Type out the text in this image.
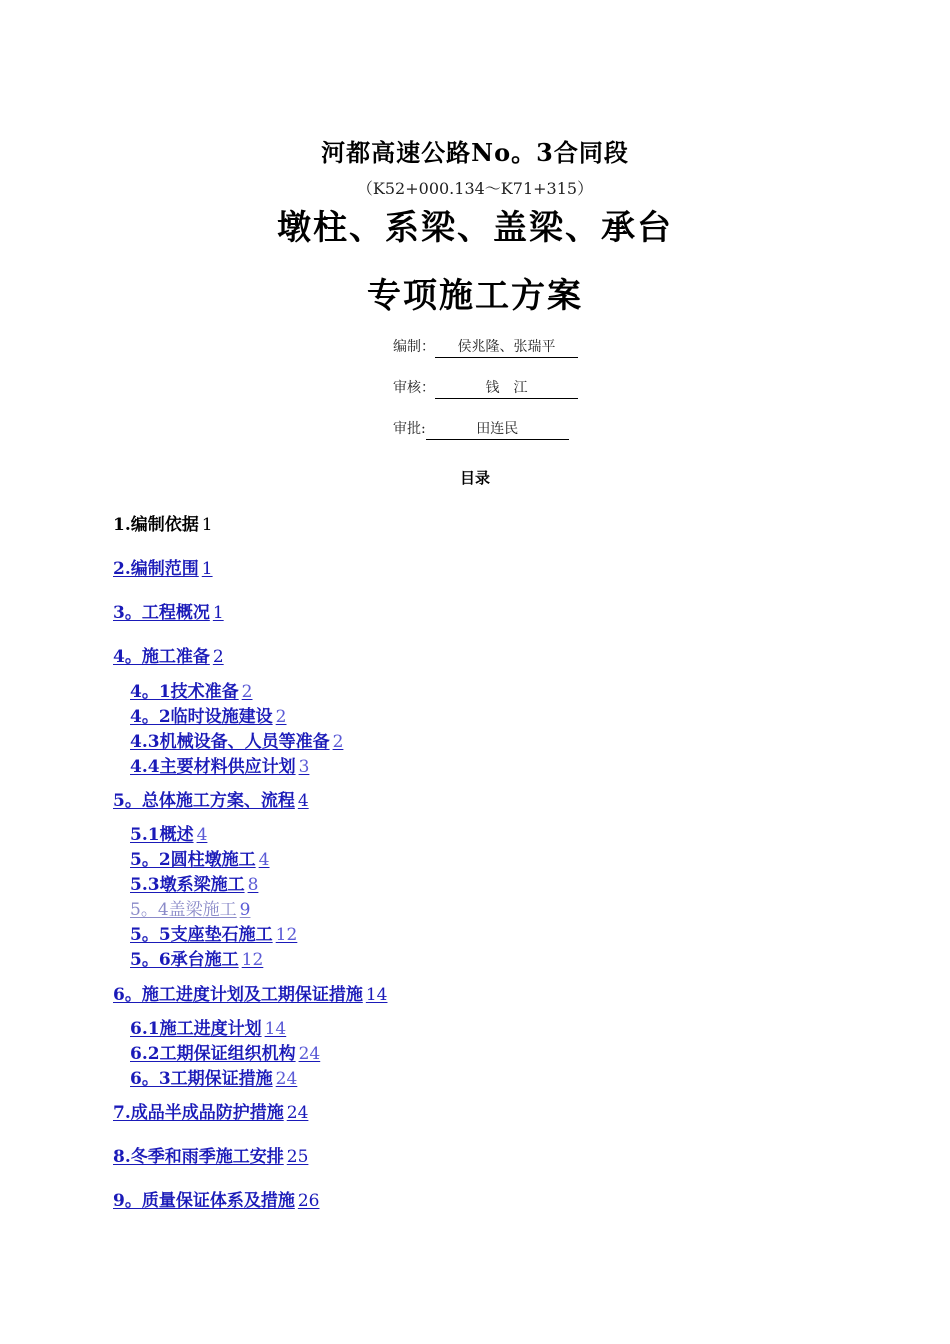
河都高速公路No。3合同段
（K52+000.134～K71+315）
墩柱、系梁、盖梁、承台
专项施工方案
编制： 侯兆隆、张瑞平
审核：	钱　江
审批:	田连民
目录
1.编制依据 1
2.编制范围 1
3。工程概况 1
4。施工准备 2
4。1技术准备 2
4。2临时设施建设 2
4.3机械设备、人员等准备 2
4.4主要材料供应计划 3
5。总体施工方案、流程 4
5.1概述 4
5。2圆柱墩施工 4
5.3墩系梁施工 8
5。4盖梁施工 9
5。5支座垫石施工 12
5。6承台施工 12
6。施工进度计划及工期保证措施 14
6.1施工进度计划 14
6.2工期保证组织机构 24
6。3工期保证措施 24
7.成品半成品防护措施 24
8.冬季和雨季施工安排 25
9。质量保证体系及措施 26
